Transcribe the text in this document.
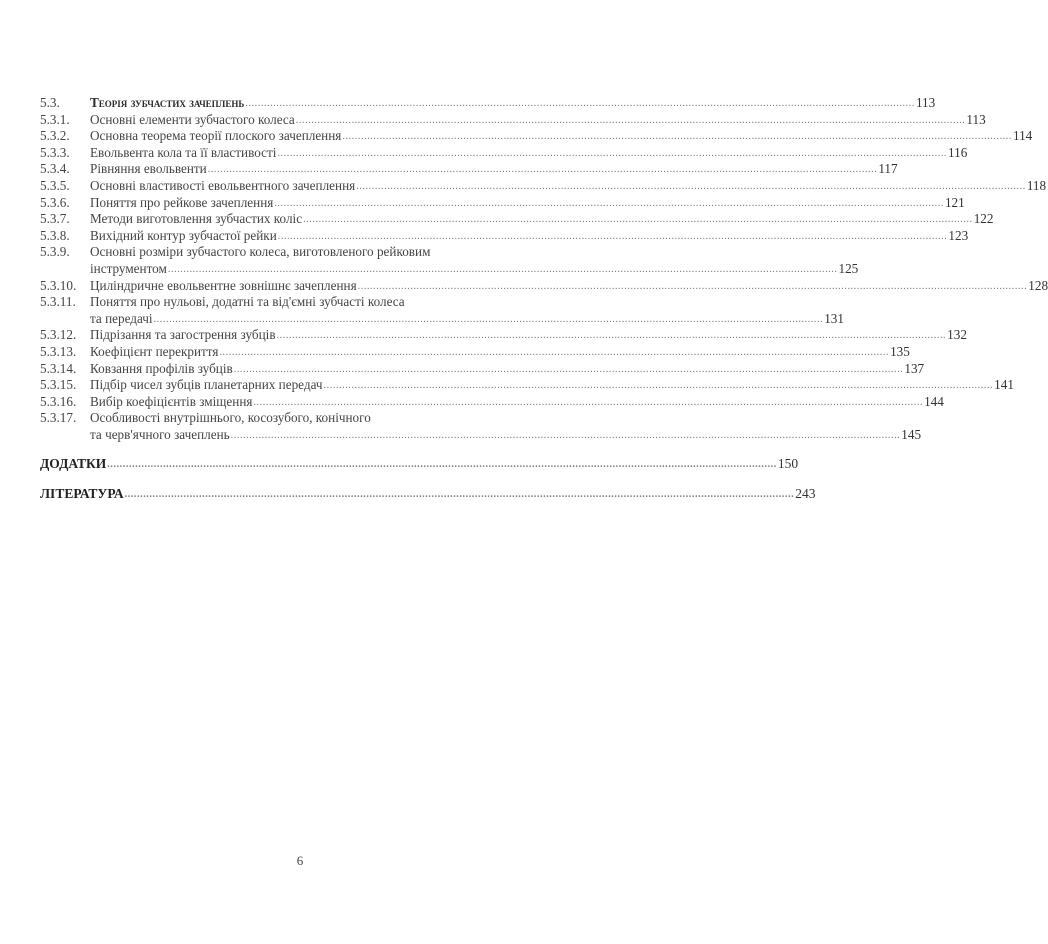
5.3.	Теорія зубчастих зачеплень .....	113
5.3.1.	Основні елементи зубчастого колеса .....	113
5.3.2.	Основна теорема теорії плоского зачеплення .....	114
5.3.3.	Евольвента кола та її властивості .....	116
5.3.4.	Рівняння евольвенти .....	117
5.3.5.	Основні властивості евольвентного зачеплення .....	118
5.3.6.	Поняття про рейкове зачеплення .....	121
5.3.7.	Методи виготовлення зубчастих коліс .....	122
5.3.8.	Вихідний контур зубчастої рейки .....	123
5.3.9.	Основні розміри зубчастого колеса, виготовленого рейковим
інструментом .....	125
5.3.10.	Циліндричне евольвентне зовнішнє зачеплення .....	128
5.3.11.	Поняття про нульові, додатні та від'ємні зубчасті колеса
та передачі .....	131
5.3.12.	Підрізання та загострення зубців .....	132
5.3.13.	Коефіцієнт перекриття .....	135
5.3.14.	Ковзання профілів зубців .....	137
5.3.15.	Підбір чисел зубців планетарних передач .....	141
5.3.16.	Вибір коефіцієнтів зміщення .....	144
5.3.17.	Особливості внутрішнього, косозубого, конічного
та черв'ячного зачеплень .....	145
ДОДАТКИ .....	150
ЛІТЕРАТУРА .....	243
6
